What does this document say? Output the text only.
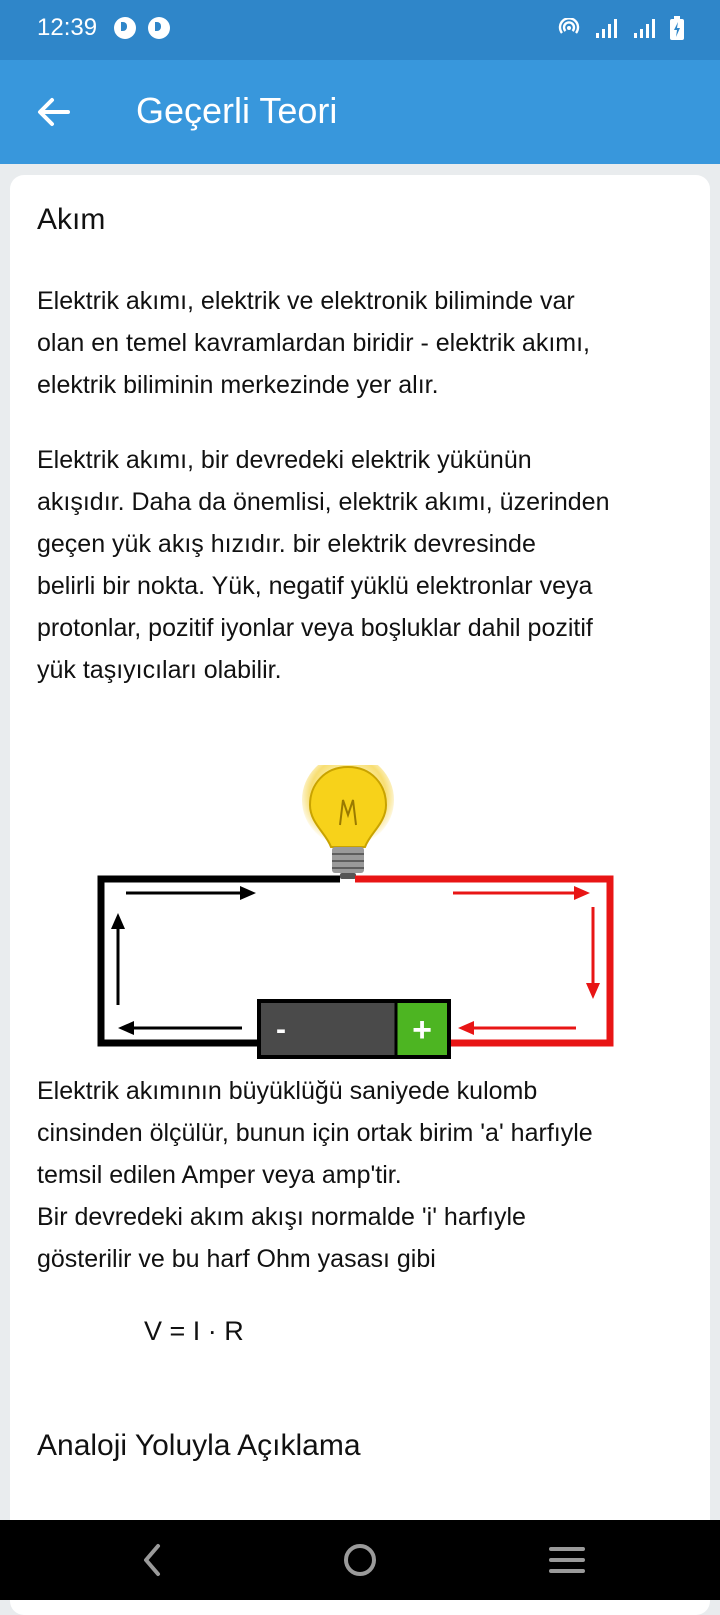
12:39
Geçerli Teori
Akım
Elektrik akımı, elektrik ve elektronik biliminde var
olan en temel kavramlardan biridir - elektrik akımı,
elektrik biliminin merkezinde yer alır.
Elektrik akımı, bir devredeki elektrik yükünün
akışıdır. Daha da önemlisi, elektrik akımı, üzerinden
geçen yük akış hızıdır. bir elektrik devresinde
belirli bir nokta. Yük, negatif yüklü elektronlar veya
protonlar, pozitif iyonlar veya boşluklar dahil pozitif
yük taşıyıcıları olabilir.
-	+
Elektrik akımının büyüklüğü saniyede kulomb
cinsinden ölçülür, bunun için ortak birim 'a' harfıyle
temsil edilen Amper veya amp'tir.
Bir devredeki akım akışı normalde 'i' harfıyle
gösterilir ve bu harf Ohm yasası gibi
V = I · R
Analoji Yoluyla Açıklama
